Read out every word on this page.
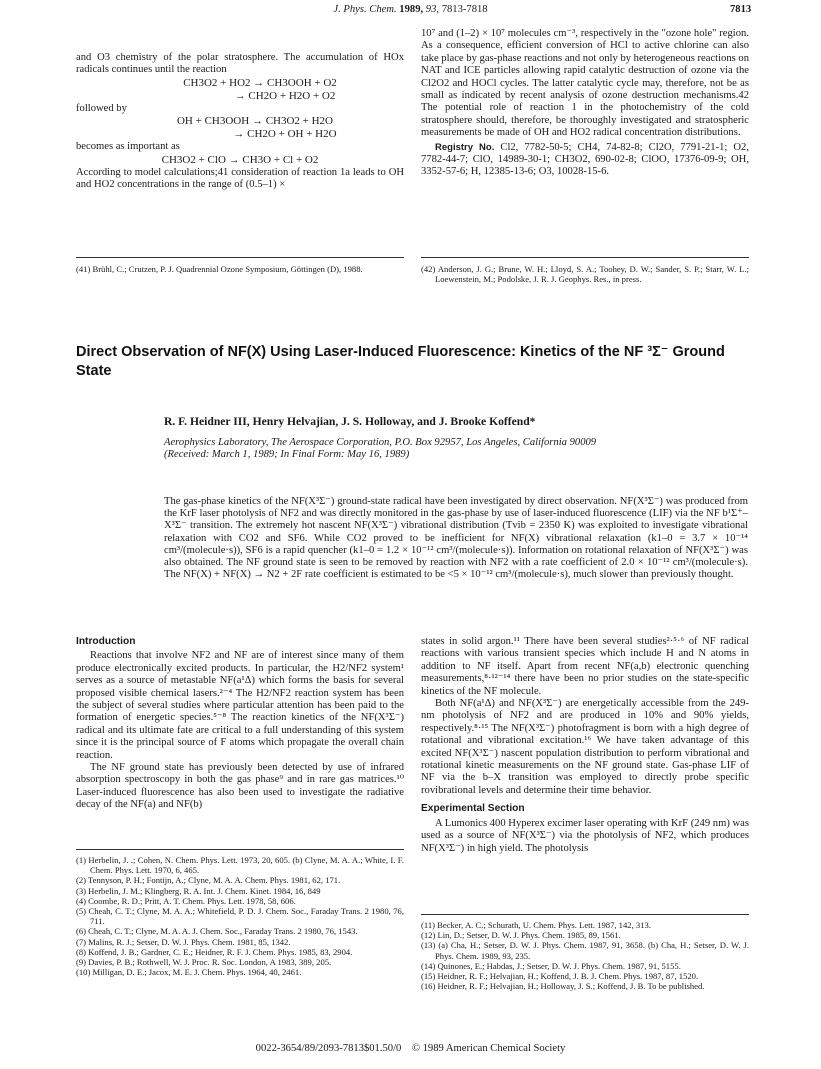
J. Phys. Chem. 1989, 93, 7813-7818	7813

and O3 chemistry of the polar stratosphere. The accumulation of HOx radicals continues until the reaction

CH3O2 + HO2 → CH3OOH + O2

→ CH2O + H2O + O2

followed by

OH + CH3OOH → CH3O2 + H2O

→ CH2O + OH + H2O

becomes as important as

CH3O2 + ClO → CH3O + Cl + O2

According to model calculations;41 consideration of reaction 1a leads to OH and HO2 concentrations in the range of (0.5–1) ×

10⁷ and (1–2) × 10⁷ molecules cm⁻³, respectively in the "ozone hole" region. As a consequence, efficient conversion of HCl to active chlorine can also take place by gas-phase reactions and not only by heterogeneous reactions on NAT and ICE particles allowing rapid catalytic destruction of ozone via the Cl2O2 and HOCl cycles. The latter catalytic cycle may, therefore, not be as small as indicated by recent analysis of ozone destruction mechanisms.42 The potential role of reaction 1 in the photochemistry of the cold stratosphere should, therefore, be thoroughly investigated and stratospheric measurements be made of OH and HO2 radical concentration distributions.

Registry No. Cl2, 7782-50-5; CH4, 74-82-8; Cl2O, 7791-21-1; O2, 7782-44-7; ClO, 14989-30-1; CH3O2, 690-02-8; ClOO, 17376-09-9; OH, 3352-57-6; H, 12385-13-6; O3, 10028-15-6.

(41) Brühl, C.; Crutzen, P. J. Quadrennial Ozone Symposium, Göttingen (D), 1988.	(42) Anderson, J. G.; Brune, W. H.; Lloyd, S. A.; Toohey, D. W.; Sander, S. P.; Starr, W. L.; Loewenstein, M.; Podolske, J. R. J. Geophys. Res., in press.

Direct Observation of NF(X) Using Laser-Induced Fluorescence: Kinetics of the NF ³Σ⁻ Ground State
R. F. Heidner III, Henry Helvajian, J. S. Holloway, and J. Brooke Koffend*
Aerophysics Laboratory, The Aerospace Corporation, P.O. Box 92957, Los Angeles, California 90009
(Received: March 1, 1989; In Final Form: May 16, 1989)
The gas-phase kinetics of the NF(X³Σ⁻) ground-state radical have been investigated by direct observation. NF(X³Σ⁻) was produced from the KrF laser photolysis of NF2 and was directly monitored in the gas-phase by use of laser-induced fluorescence (LIF) via the NF b¹Σ⁺–X³Σ⁻ transition. The extremely hot nascent NF(X³Σ⁻) vibrational distribution (Tvib = 2350 K) was exploited to investigate vibrational relaxation with CO2 and SF6. While CO2 proved to be inefficient for NF(X) vibrational relaxation (k1–0 = 3.7 × 10⁻¹⁴ cm³/(molecule·s)), SF6 is a rapid quencher (k1–0 = 1.2 × 10⁻¹² cm³/(molecule·s)). Information on rotational relaxation of NF(X³Σ⁻) was also obtained. The NF ground state is seen to be removed by reaction with NF2 with a rate coefficient of 2.0 × 10⁻¹² cm³/(molecule·s). The NF(X) + NF(X) → N2 + 2F rate coefficient is estimated to be <5 × 10⁻¹² cm³/(molecule·s), much slower than previously thought.
Introduction

Reactions that involve NF2 and NF are of interest since many of them produce electronically excited products. In particular, the H2/NF2 system¹ serves as a source of metastable NF(a¹Δ) which forms the basis for several proposed visible chemical lasers.²⁻⁴ The H2/NF2 reaction system has been the subject of several studies where particular attention has been paid to the formation of energetic species.⁵⁻⁸ The reaction kinetics of the NF(X³Σ⁻) radical and its ultimate fate are critical to a full understanding of this system since it is the principal source of F atoms which propagate the overall chain reaction.

The NF ground state has previously been detected by use of infrared absorption spectroscopy in both the gas phase⁹ and in rare gas matrices.¹⁰ Laser-induced fluorescence has also been used to investigate the radiative decay of the NF(a) and NF(b)

states in solid argon.¹¹ There have been several studies²·⁵·⁶ of NF radical reactions with various transient species which include H and N atoms in addition to NF itself. Apart from recent NF(a,b) electronic quenching measurements,⁸·¹²⁻¹⁴ there have been no prior studies on the state-specific kinetics of the NF molecule.

Both NF(a¹Δ) and NF(X³Σ⁻) are energetically accessible from the 249-nm photolysis of NF2 and are produced in 10% and 90% yields, respectively.⁸·¹⁵ The NF(X³Σ⁻) photofragment is born with a high degree of rotational and vibrational excitation.¹⁶ We have taken advantage of this excited NF(X³Σ⁻) nascent population distribution to perform vibrational and rotational kinetic measurements on the NF ground state. Gas-phase LIF of NF via the b–X transition was employed to directly probe specific rovibrational levels and determine their time behavior.

Experimental Section

A Lumonics 400 Hyperex excimer laser operating with KrF (249 nm) was used as a source of NF(X³Σ⁻) via the photolysis of NF2, which produces NF(X³Σ⁻) in high yield. The photolysis

(1) Herbelin, J. .; Cohen, N. Chem. Phys. Lett. 1973, 20, 605. (b) Clyne, M. A. A.; White, I. F. Chem. Phys. Lett. 1970, 6, 465.

(2) Tennyson, P. H.; Fontijn, A.; Clyne, M. A. A. Chem. Phys. 1981, 62, 171.

(3) Herbelin, J. M.; Klingberg, R. A. Int. J. Chem. Kinet. 1984, 16, 849

(4) Coombe, R. D.; Pritt, A. T. Chem. Phys. Lett. 1978, 58, 606.

(5) Cheah, C. T.; Clyne, M. A. A.; Whitefield, P. D. J. Chem. Soc., Faraday Trans. 2 1980, 76, 711.

(6) Cheah, C. T.; Clyne, M. A. A. J. Chem. Soc., Faraday Trans. 2 1980, 76, 1543.

(7) Malins, R. J.; Setser, D. W. J. Phys. Chem. 1981, 85, 1342.

(8) Koffend, J. B.; Gardner, C. E.; Heidner, R. F. J. Chem. Phys. 1985, 83, 2904.

(9) Davies, P. B.; Rothwell, W. J. Proc. R. Soc. London, A 1983, 389, 205.

(10) Milligan, D. E.; Jacox, M. E. J. Chem. Phys. 1964, 40, 2461.

(11) Becker, A. C.; Schurath, U. Chem. Phys. Lett. 1987, 142, 313.

(12) Lin, D.; Setser, D. W. J. Phys. Chem. 1985, 89, 1561.

(13) (a) Cha, H.; Setser, D. W. J. Phys. Chem. 1987, 91, 3658. (b) Cha, H.; Setser, D. W. J. Phys. Chem. 1989, 93, 235.

(14) Quinones, E.; Habdas, J.; Setser, D. W. J. Phys. Chem. 1987, 91, 5155.

(15) Heidner, R. F.; Helvajian, H.; Koffend, J. B. J. Chem. Phys. 1987, 87, 1520.

(16) Heidner, R. F.; Helvajian, H.; Holloway, J. S.; Koffend, J. B. To be published.

0022-3654/89/2093-7813$01.50/0 © 1989 American Chemical Society
